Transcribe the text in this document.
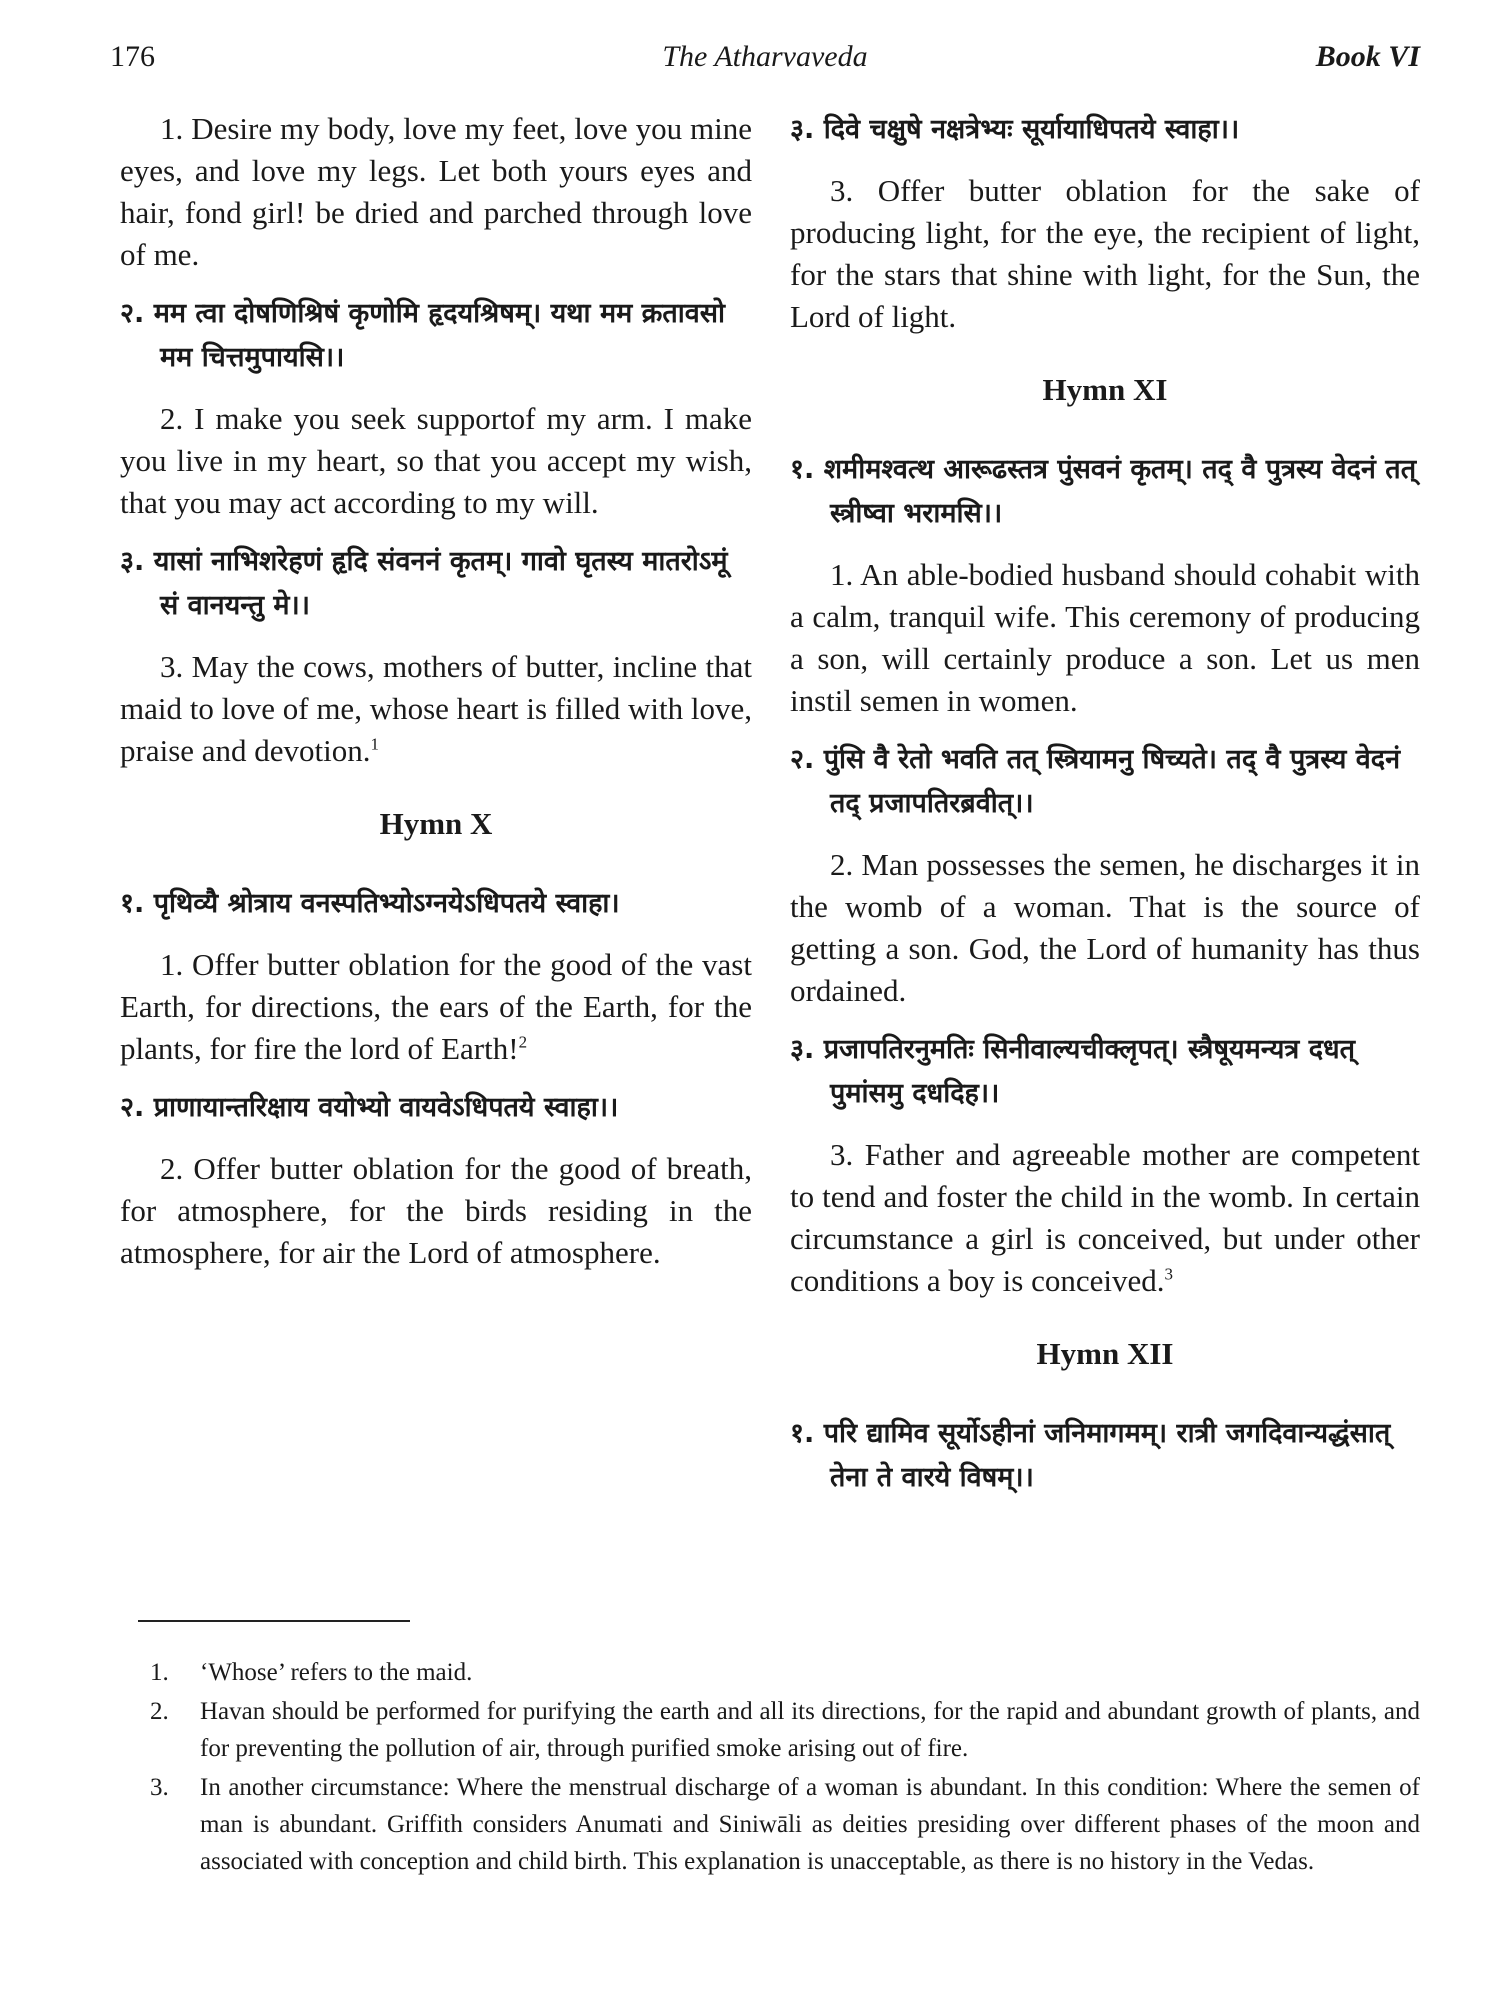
176	The Atharvaveda	Book VI

1. Desire my body, love my feet, love you mine eyes, and love my legs. Let both yours eyes and hair, fond girl! be dried and parched through love of me.

२. मम त्वा दोषणिश्रिषं कृणोमि हृदयश्रिषम्। यथा मम क्रतावसो मम चित्तमुपायसि।।

2. I make you seek supportof my arm. I make you live in my heart, so that you accept my wish, that you may act according to my will.

३. यासां नाभिशरेहणं हृदि संवननं कृतम्। गावो घृतस्य मातरोऽमूं सं वानयन्तु मे।।

3. May the cows, mothers of butter, incline that maid to love of me, whose heart is filled with love, praise and devotion.$^1$

Hymn X

१. पृथिव्यै श्रोत्राय वनस्पतिभ्योऽग्नयेऽधिपतये स्वाहा।

1. Offer butter oblation for the good of the vast Earth, for directions, the ears of the Earth, for the plants, for fire the lord of Earth!$^2$

२. प्राणायान्तरिक्षाय वयोभ्यो वायवेऽधिपतये स्वाहा।।

2. Offer butter oblation for the good of breath, for atmosphere, for the birds residing in the atmosphere, for air the Lord of atmosphere.

३. दिवे चक्षुषे नक्षत्रेभ्यः सूर्यायाधिपतये स्वाहा।।

3. Offer butter oblation for the sake of producing light, for the eye, the recipient of light, for the stars that shine with light, for the Sun, the Lord of light.

Hymn XI

१. शमीमश्वत्थ आरूढस्तत्र पुंसवनं कृतम्। तद् वै पुत्रस्य वेदनं तत् स्त्रीष्वा भरामसि।।

1. An able-bodied husband should cohabit with a calm, tranquil wife. This ceremony of producing a son, will certainly produce a son. Let us men instil semen in women.

२. पुंसि वै रेतो भवति तत् स्त्रियामनु षिच्यते। तद् वै पुत्रस्य वेदनं तद् प्रजापतिरब्रवीत्।।

2. Man possesses the semen, he discharges it in the womb of a woman. That is the source of getting a son. God, the Lord of humanity has thus ordained.

३. प्रजापतिरनुमतिः सिनीवाल्यचीक्लृपत्। स्त्रैषूयमन्यत्र दधत् पुमांसमु दधदिह।।

3. Father and agreeable mother are competent to tend and foster the child in the womb. In certain circumstance a girl is conceived, but under other conditions a boy is conceived.$^3$

Hymn XII

१. परि द्यामिव सूर्योऽहीनां जनिमागमम्। रात्री जगदिवान्यद्धंसात् तेना ते वारये विषम्।।

1.	‘Whose’ refers to the maid.
2.	Havan should be performed for purifying the earth and all its directions, for the rapid and abundant growth of plants, and for preventing the pollution of air, through purified smoke arising out of fire.
3.	In another circumstance: Where the menstrual discharge of a woman is abundant. In this condition: Where the semen of man is abundant. Griffith considers Anumati and Siniwāli as deities presiding over different phases of the moon and associated with conception and child birth. This explanation is unacceptable, as there is no history in the Vedas.
